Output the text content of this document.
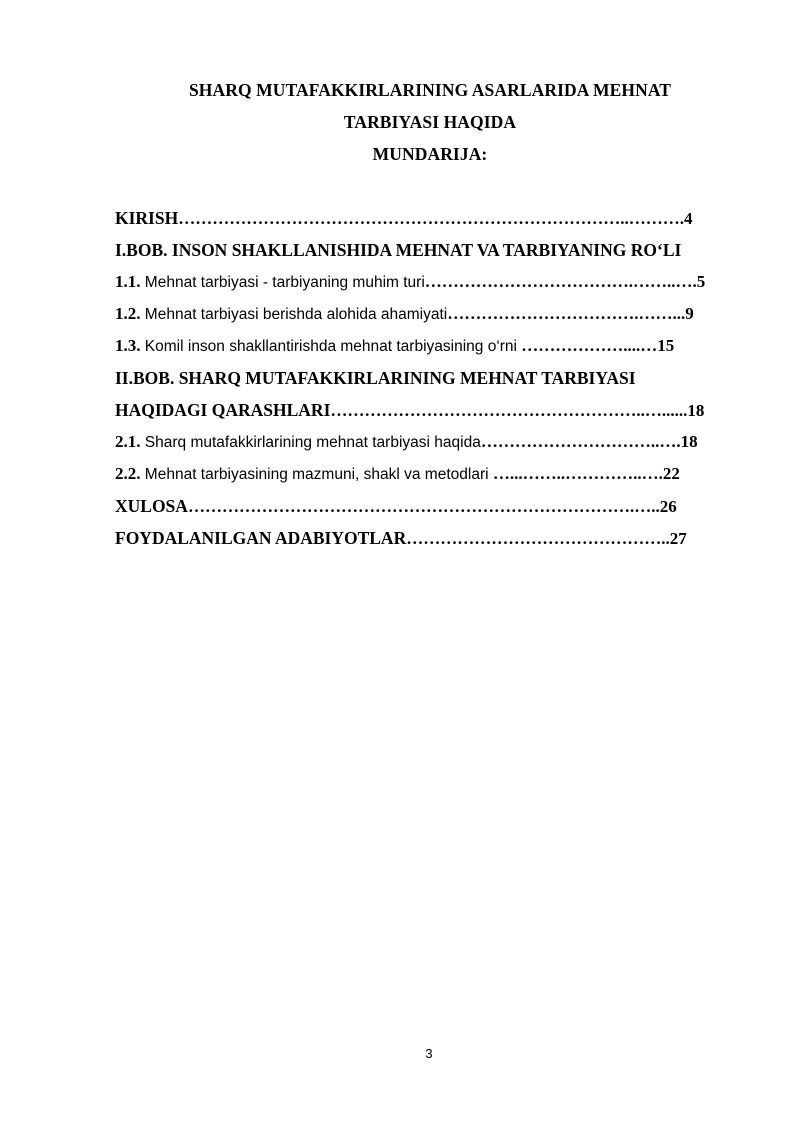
SHARQ MUTAFAKKIRLARINING ASARLARIDA MEHNAT
TARBIYASI HAQIDA
MUNDARIJA:
KIRISH……………………………………………………………………..……….4
I.BOB. INSON SHAKLLANISHIDA MEHNAT VA TARBIYANING RO‘LI
1.1. Mehnat tarbiyasi - tarbiyaning muhim turi……………………………….……..….5
1.2. Mehnat tarbiyasi berishda alohida ahamiyati…………………………….……...9
1.3. Komil inson shakllantirishda mehnat tarbiyasining o‘rni ………………....…15
II.BOB. SHARQ MUTAFAKKIRLARINING MEHNAT TARBIYASI
HAQIDAGI QARASHLARI………………………………………………..…......18
2.1. Sharq mutafakkirlarining mehnat tarbiyasi haqida…………………………..….18
2.2. Mehnat tarbiyasining mazmuni, shakl va metodlari …...……..…………..….22
XULOSA…………………………………………………………………….…..26
FOYDALANILGAN ADABIYOTLAR………………………………………..27
3
